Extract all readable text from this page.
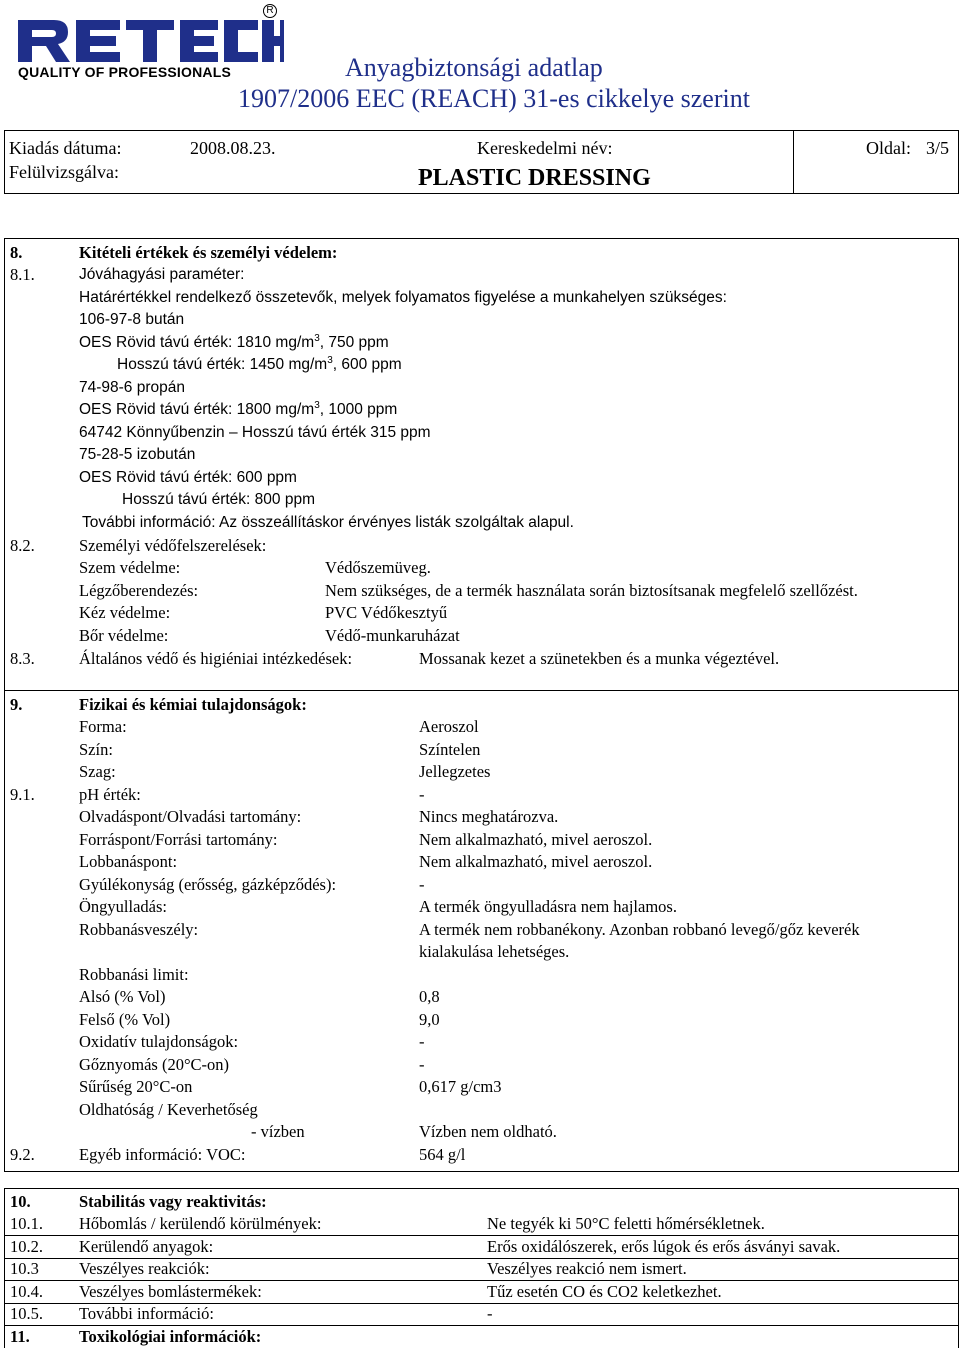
QUALITY OF PROFESSIONALS
R
Anyagbiztonsági adatlap
1907/2006 EEC (REACH) 31-es cikkelye szerint
Kiadás dátuma:	2008.08.23.
Felülvizsgálva:
Kereskedelmi név:
PLASTIC DRESSING
Oldal: 3/5
8.	Kitételi értékek és személyi védelem:
8.1.	Jóváhagyási paraméter:
Határértékkel rendelkező összetevők, melyek folyamatos figyelése a munkahelyen szükséges:
106-97-8 bután
OES Rövid távú érték: 1810 $mg/m^3$, 750 ppm
Hosszú távú érték: 1450 $mg/m^3$, 600 ppm
74-98-6 propán
OES Rövid távú érték: 1800 $mg/m^3$, 1000 ppm
64742 Könnyűbenzin – Hosszú távú érték 315 ppm
75-28-5 izobután
OES Rövid távú érték: 600 ppm
Hosszú távú érték: 800 ppm
További információ: Az összeállításkor érvényes listák szolgáltak alapul.
8.2.	Személyi védőfelszerelések:
Szem védelme:	Védőszemüveg.
Légzőberendezés:	Nem szükséges, de a termék használata során biztosítsanak megfelelő szellőzést.
Kéz védelme:	PVC Védőkesztyű
Bőr védelme:	Védő-munkaruházat
8.3.	Általános védő és higiéniai intézkedések:	Mossanak kezet a szünetekben és a munka végeztével.
9.	Fizikai és kémiai tulajdonságok:
Forma:	Aeroszol
Szín:	Színtelen
Szag:	Jellegzetes
9.1.	pH érték:	-
Olvadáspont/Olvadási tartomány:	Nincs meghatározva.
Forráspont/Forrási tartomány:	Nem alkalmazható, mivel aeroszol.
Lobbanáspont:	Nem alkalmazható, mivel aeroszol.
Gyúlékonyság (erősség, gázképződés):	-
Öngyulladás:	A termék öngyulladásra nem hajlamos.
Robbanásveszély:	A termék nem robbanékony. Azonban robbanó levegő/gőz keverék
kialakulása lehetséges.
Robbanási limit:
Alsó (% Vol)	0,8
Felső (% Vol)	9,0
Oxidatív tulajdonságok:	-
Gőznyomás (20°C-on)	-
Sűrűség 20°C-on	0,617 g/cm3
Oldhatóság / Keverhetőség
- vízben	Vízben nem oldható.
9.2.	Egyéb információ: VOC:	564 g/l
10.	Stabilitás vagy reaktivitás:
10.1. Hőbomlás / kerülendő körülmények:	Ne tegyék ki 50°C feletti hőmérsékletnek.
10.2. Kerülendő anyagok:	Erős oxidálószerek, erős lúgok és erős ásványi savak.
10.3 Veszélyes reakciók:	Veszélyes reakció nem ismert.
10.4. Veszélyes bomlástermékek:	Tűz esetén CO és CO2 keletkezhet.
10.5. További információ:	-
11.	Toxikológiai információk:
